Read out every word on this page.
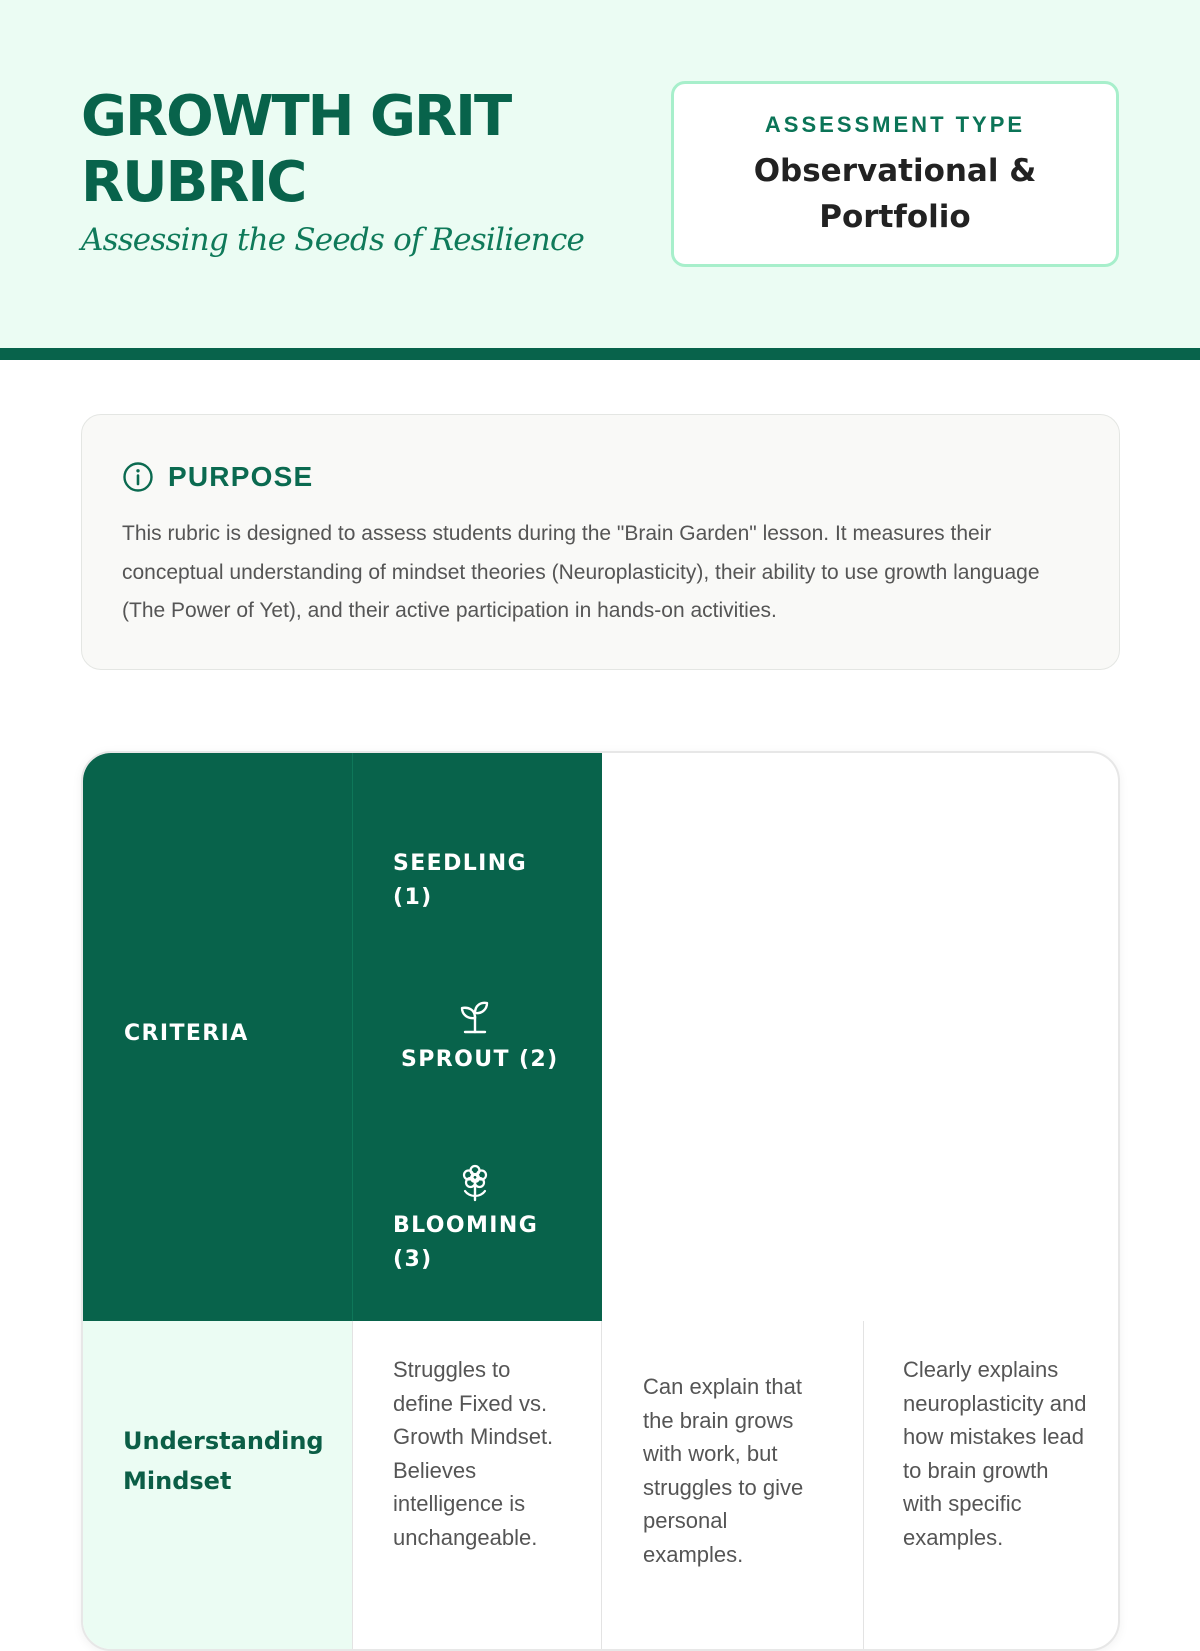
GROWTH GRIT RUBRIC

Assessing the Seeds of Resilience

ASSESSMENT TYPE
Observational & Portfolio
PURPOSE

This rubric is designed to assess students during the "Brain Garden" lesson. It measures their conceptual understanding of mindset theories (Neuroplasticity), their ability to use growth language (The Power of Yet), and their active participation in hands-on activities.

CRITERIA
SEEDLING (1)
SPROUT (2)
BLOOMING (3)

Understanding Mindset

Struggles to define Fixed vs. Growth Mindset. Believes intelligence is unchangeable.

Can explain that the brain grows with work, but struggles to give personal examples.

Clearly explains neuroplasticity and how mistakes lead to brain growth with specific examples.
